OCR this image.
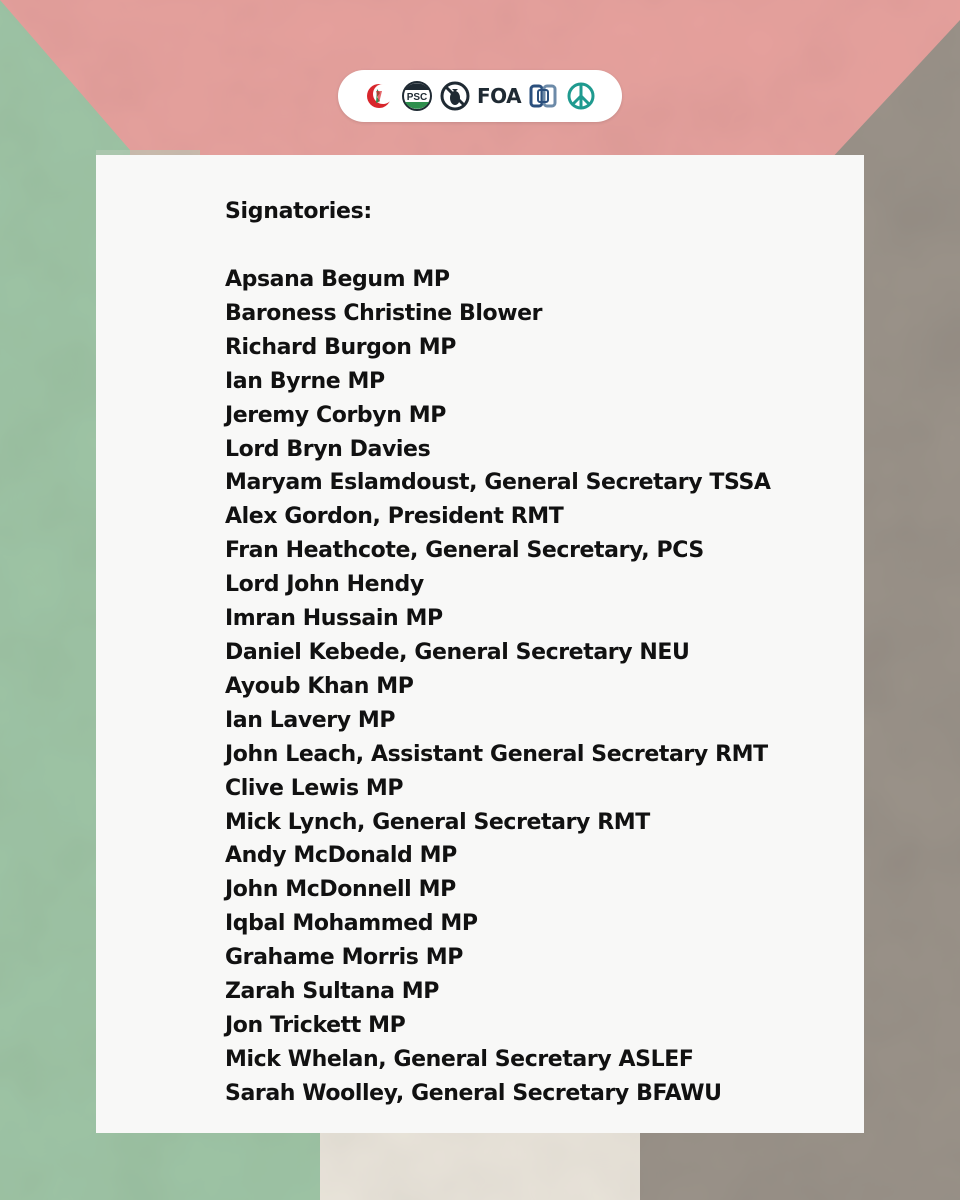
PSC FOA
Signatories:
Apsana Begum MP
Baroness Christine Blower
Richard Burgon MP
Ian Byrne MP
Jeremy Corbyn MP
Lord Bryn Davies
Maryam Eslamdoust, General Secretary TSSA
Alex Gordon, President RMT
Fran Heathcote, General Secretary, PCS
Lord John Hendy
Imran Hussain MP
Daniel Kebede, General Secretary NEU
Ayoub Khan MP
Ian Lavery MP
John Leach, Assistant General Secretary RMT
Clive Lewis MP
Mick Lynch, General Secretary RMT
Andy McDonald MP
John McDonnell MP
Iqbal Mohammed MP
Grahame Morris MP
Zarah Sultana MP
Jon Trickett MP
Mick Whelan, General Secretary ASLEF
Sarah Woolley, General Secretary BFAWU
